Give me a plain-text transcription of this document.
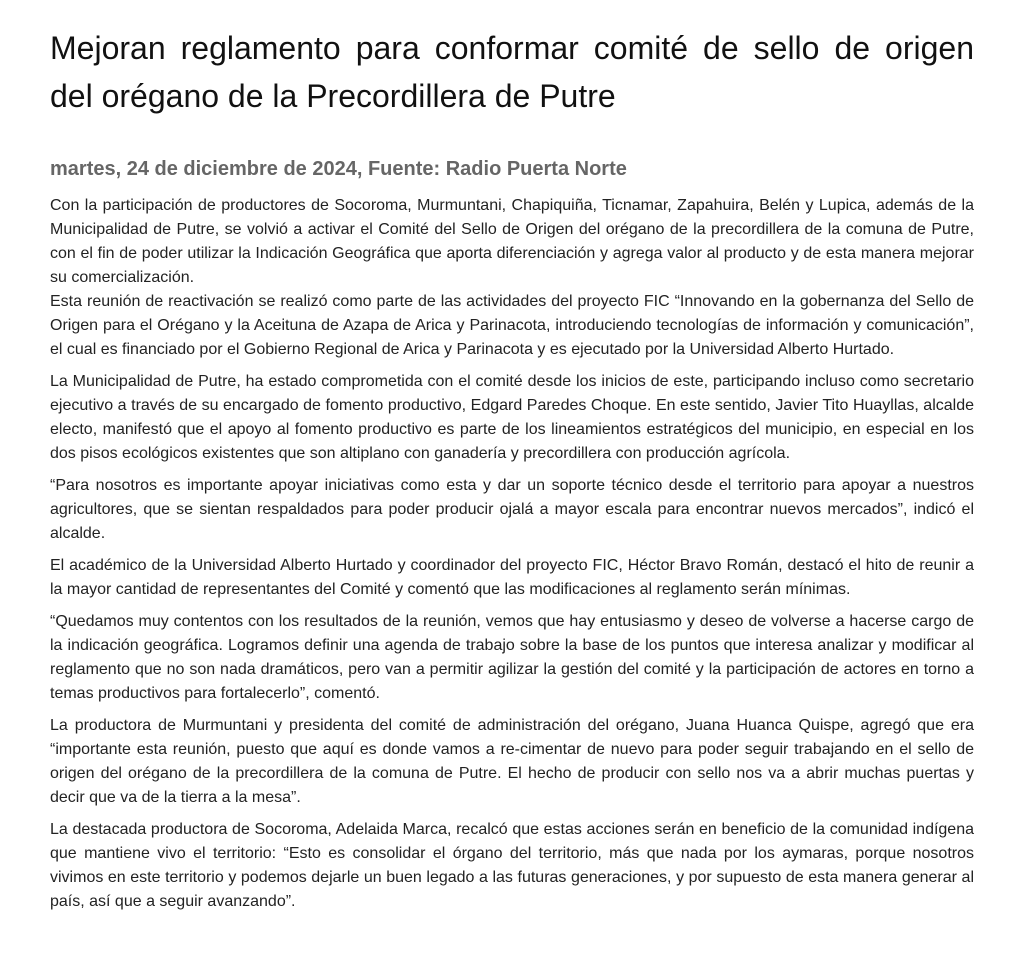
Mejoran reglamento para conformar comité de sello de origen del orégano de la Precordillera de Putre
martes, 24 de diciembre de 2024, Fuente: Radio Puerta Norte

Con la participación de productores de Socoroma, Murmuntani, Chapiquiña, Ticnamar, Zapahuira, Belén y Lupica, además de la Municipalidad de Putre, se volvió a activar el Comité del Sello de Origen del orégano de la precordillera de la comuna de Putre, con el fin de poder utilizar la Indicación Geográfica que aporta diferenciación y agrega valor al producto y de esta manera mejorar su comercialización.

Esta reunión de reactivación se realizó como parte de las actividades del proyecto FIC “Innovando en la gobernanza del Sello de Origen para el Orégano y la Aceituna de Azapa de Arica y Parinacota, introduciendo tecnologías de información y comunicación”, el cual es financiado por el Gobierno Regional de Arica y Parinacota y es ejecutado por la Universidad Alberto Hurtado.

La Municipalidad de Putre, ha estado comprometida con el comité desde los inicios de este, participando incluso como secretario ejecutivo a través de su encargado de fomento productivo, Edgard Paredes Choque. En este sentido, Javier Tito Huayllas, alcalde electo, manifestó que el apoyo al fomento productivo es parte de los lineamientos estratégicos del municipio, en especial en los dos pisos ecológicos existentes que son altiplano con ganadería y precordillera con producción agrícola.

“Para nosotros es importante apoyar iniciativas como esta y dar un soporte técnico desde el territorio para apoyar a nuestros agricultores, que se sientan respaldados para poder producir ojalá a mayor escala para encontrar nuevos mercados”, indicó el alcalde.

El académico de la Universidad Alberto Hurtado y coordinador del proyecto FIC, Héctor Bravo Román, destacó el hito de reunir a la mayor cantidad de representantes del Comité y comentó que las modificaciones al reglamento serán mínimas.

“Quedamos muy contentos con los resultados de la reunión, vemos que hay entusiasmo y deseo de volverse a hacerse cargo de la indicación geográfica. Logramos definir una agenda de trabajo sobre la base de los puntos que interesa analizar y modificar al reglamento que no son nada dramáticos, pero van a permitir agilizar la gestión del comité y la participación de actores en torno a temas productivos para fortalecerlo”, comentó.

La productora de Murmuntani y presidenta del comité de administración del orégano, Juana Huanca Quispe, agregó que era “importante esta reunión, puesto que aquí es donde vamos a re-cimentar de nuevo para poder seguir trabajando en el sello de origen del orégano de la precordillera de la comuna de Putre. El hecho de producir con sello nos va a abrir muchas puertas y decir que va de la tierra a la mesa”.

La destacada productora de Socoroma, Adelaida Marca, recalcó que estas acciones serán en beneficio de la comunidad indígena que mantiene vivo el territorio: “Esto es consolidar el órgano del territorio, más que nada por los aymaras, porque nosotros vivimos en este territorio y podemos dejarle un buen legado a las futuras generaciones, y por supuesto de esta manera generar al país, así que a seguir avanzando”.
